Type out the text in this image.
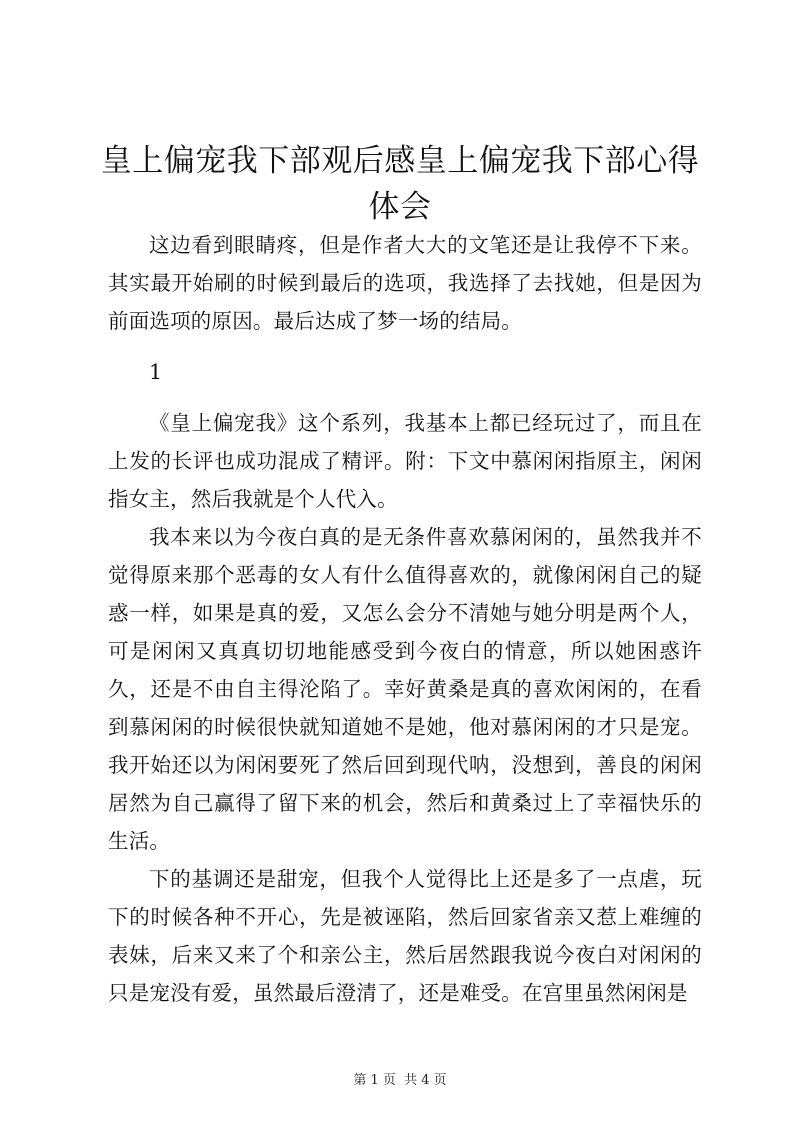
皇上偏宠我下部观后感皇上偏宠我下部心得体会

这边看到眼睛疼，但是作者大大的文笔还是让我停不下来。其实最开始刷的时候到最后的选项，我选择了去找她，但是因为前面选项的原因。最后达成了梦一场的结局。

1

《皇上偏宠我》这个系列，我基本上都已经玩过了，而且在上发的长评也成功混成了精评。附：下文中慕闲闲指原主，闲闲指女主，然后我就是个人代入。

我本来以为今夜白真的是无条件喜欢慕闲闲的，虽然我并不觉得原来那个恶毒的女人有什么值得喜欢的，就像闲闲自己的疑惑一样，如果是真的爱，又怎么会分不清她与她分明是两个人，可是闲闲又真真切切地能感受到今夜白的情意，所以她困惑许久，还是不由自主得沦陷了。幸好黄桑是真的喜欢闲闲的，在看到慕闲闲的时候很快就知道她不是她，他对慕闲闲的才只是宠。我开始还以为闲闲要死了然后回到现代呐，没想到，善良的闲闲居然为自己赢得了留下来的机会，然后和黄桑过上了幸福快乐的生活。

下的基调还是甜宠，但我个人觉得比上还是多了一点虐，玩下的时候各种不开心，先是被诬陷，然后回家省亲又惹上难缠的表妹，后来又来了个和亲公主，然后居然跟我说今夜白对闲闲的只是宠没有爱，虽然最后澄清了，还是难受。在宫里虽然闲闲是

第 1 页 共 4 页
